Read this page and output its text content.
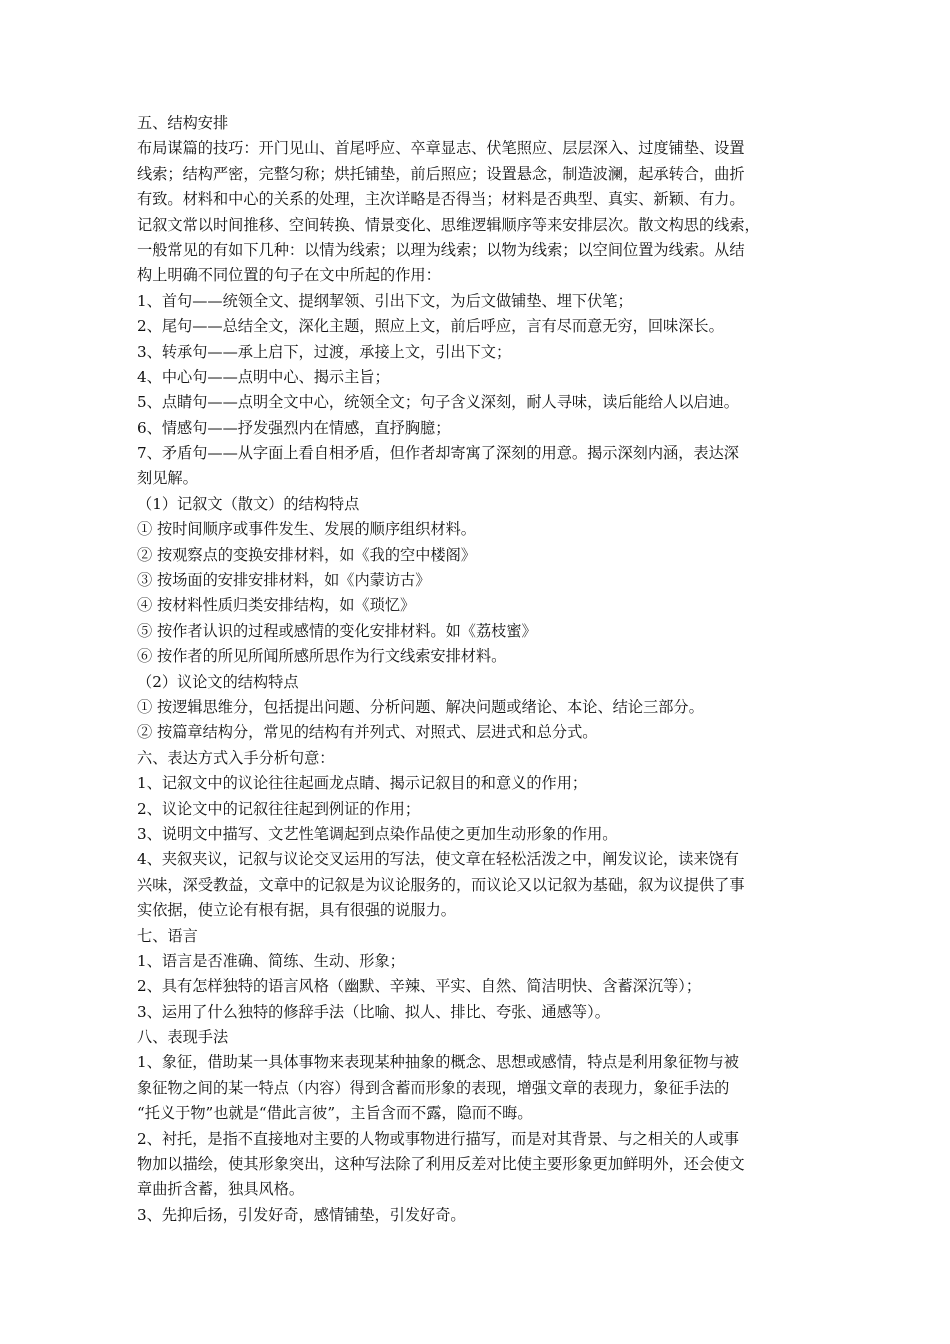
五、结构安排
布局谋篇的技巧：开门见山、首尾呼应、卒章显志、伏笔照应、层层深入、过度铺垫、设置
线索；结构严密，完整匀称；烘托铺垫，前后照应；设置悬念，制造波澜，起承转合，曲折
有致。材料和中心的关系的处理，主次详略是否得当；材料是否典型、真实、新颖、有力。
记叙文常以时间推移、空间转换、情景变化、思维逻辑顺序等来安排层次。散文构思的线索，
一般常见的有如下几种：以情为线索；以理为线索；以物为线索；以空间位置为线索。从结
构上明确不同位置的句子在文中所起的作用：
1、首句——统领全文、提纲挈领、引出下文，为后文做铺垫、埋下伏笔；
2、尾句——总结全文，深化主题，照应上文，前后呼应，言有尽而意无穷，回味深长。
3、转承句——承上启下，过渡，承接上文，引出下文；
4、中心句——点明中心、揭示主旨；
5、点睛句——点明全文中心，统领全文；句子含义深刻，耐人寻味，读后能给人以启迪。
6、情感句——抒发强烈内在情感，直抒胸臆；
7、矛盾句——从字面上看自相矛盾，但作者却寄寓了深刻的用意。揭示深刻内涵，表达深
刻见解。
（1）记叙文（散文）的结构特点
① 按时间顺序或事件发生、发展的顺序组织材料。
② 按观察点的变换安排材料，如《我的空中楼阁》
③ 按场面的安排安排材料，如《内蒙访古》
④ 按材料性质归类安排结构，如《琐忆》
⑤ 按作者认识的过程或感情的变化安排材料。如《荔枝蜜》
⑥ 按作者的所见所闻所感所思作为行文线索安排材料。
（2）议论文的结构特点
① 按逻辑思维分，包括提出问题、分析问题、解决问题或绪论、本论、结论三部分。
② 按篇章结构分，常见的结构有并列式、对照式、层进式和总分式。
六、表达方式入手分析句意：
1、记叙文中的议论往往起画龙点睛、揭示记叙目的和意义的作用；
2、议论文中的记叙往往起到例证的作用；
3、说明文中描写、文艺性笔调起到点染作品使之更加生动形象的作用。
4、夹叙夹议，记叙与议论交叉运用的写法，使文章在轻松活泼之中，阐发议论，读来饶有
兴味，深受教益，文章中的记叙是为议论服务的，而议论又以记叙为基础，叙为议提供了事
实依据，使立论有根有据，具有很强的说服力。
七、语言
1、语言是否准确、简练、生动、形象；
2、具有怎样独特的语言风格（幽默、辛辣、平实、自然、简洁明快、含蓄深沉等）；
3、运用了什么独特的修辞手法（比喻、拟人、排比、夸张、通感等）。
八、表现手法
1、象征，借助某一具体事物来表现某种抽象的概念、思想或感情，特点是利用象征物与被
象征物之间的某一特点（内容）得到含蓄而形象的表现，增强文章的表现力，象征手法的
“托义于物”也就是“借此言彼”，主旨含而不露，隐而不晦。
2、衬托，是指不直接地对主要的人物或事物进行描写，而是对其背景、与之相关的人或事
物加以描绘，使其形象突出，这种写法除了利用反差对比使主要形象更加鲜明外，还会使文
章曲折含蓄，独具风格。
3、先抑后扬，引发好奇，感情铺垫，引发好奇。
